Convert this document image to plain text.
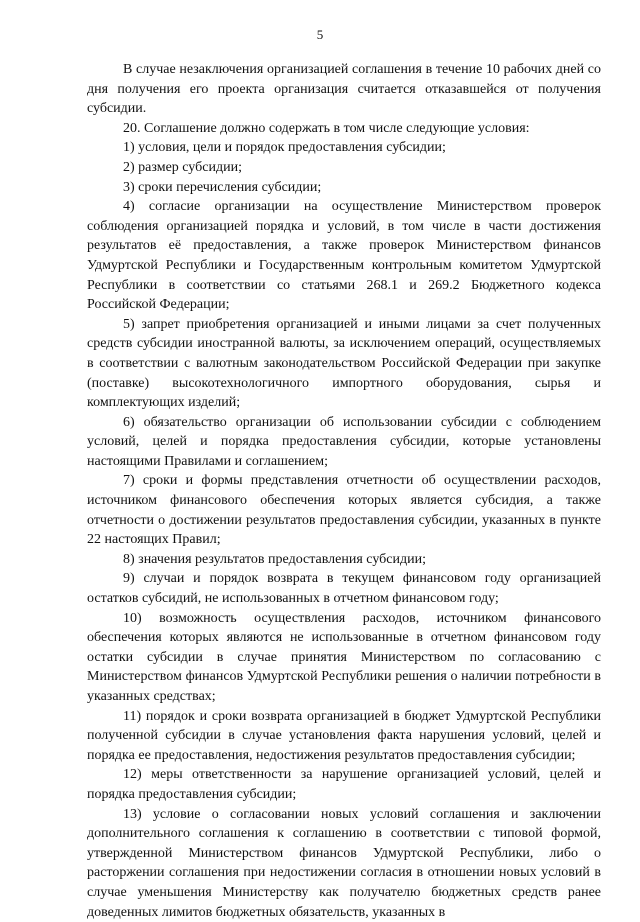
5

В случае незаключения организацией соглашения в течение 10 рабочих дней со дня получения его проекта организация считается отказавшейся от получения субсидии.

20. Соглашение должно содержать в том числе следующие условия:

1) условия, цели и порядок предоставления субсидии;

2) размер субсидии;

3) сроки перечисления субсидии;

4) согласие организации на осуществление Министерством проверок соблюдения организацией порядка и условий, в том числе в части достижения результатов её предоставления, а также проверок Министерством финансов Удмуртской Республики и Государственным контрольным комитетом Удмуртской Республики в соответствии со статьями 268.1 и 269.2 Бюджетного кодекса Российской Федерации;

5) запрет приобретения организацией и иными лицами за счет полученных средств субсидии иностранной валюты, за исключением операций, осуществляемых в соответствии с валютным законодательством Российской Федерации при закупке (поставке) высокотехнологичного импортного оборудования, сырья и комплектующих изделий;

6) обязательство организации об использовании субсидии с соблюдением условий, целей и порядка предоставления субсидии, которые установлены настоящими Правилами и соглашением;

7) сроки и формы представления отчетности об осуществлении расходов, источником финансового обеспечения которых является субсидия, а также отчетности о достижении результатов предоставления субсидии, указанных в пункте 22 настоящих Правил;

8) значения результатов предоставления субсидии;

9) случаи и порядок возврата в текущем финансовом году организацией остатков субсидий, не использованных в отчетном финансовом году;

10) возможность осуществления расходов, источником финансового обеспечения которых являются не использованные в отчетном финансовом году остатки субсидии в случае принятия Министерством по согласованию с Министерством финансов Удмуртской Республики решения о наличии потребности в указанных средствах;

11) порядок и сроки возврата организацией в бюджет Удмуртской Республики полученной субсидии в случае установления факта нарушения условий, целей и порядка ее предоставления, недостижения результатов предоставления субсидии;

12) меры ответственности за нарушение организацией условий, целей и порядка предоставления субсидии;

13) условие о согласовании новых условий соглашения и заключении дополнительного соглашения к соглашению в соответствии с типовой формой, утвержденной Министерством финансов Удмуртской Республики, либо о расторжении соглашения при недостижении согласия в отношении новых условий в случае уменьшения Министерству как получателю бюджетных средств ранее доведенных лимитов бюджетных обязательств, указанных в
